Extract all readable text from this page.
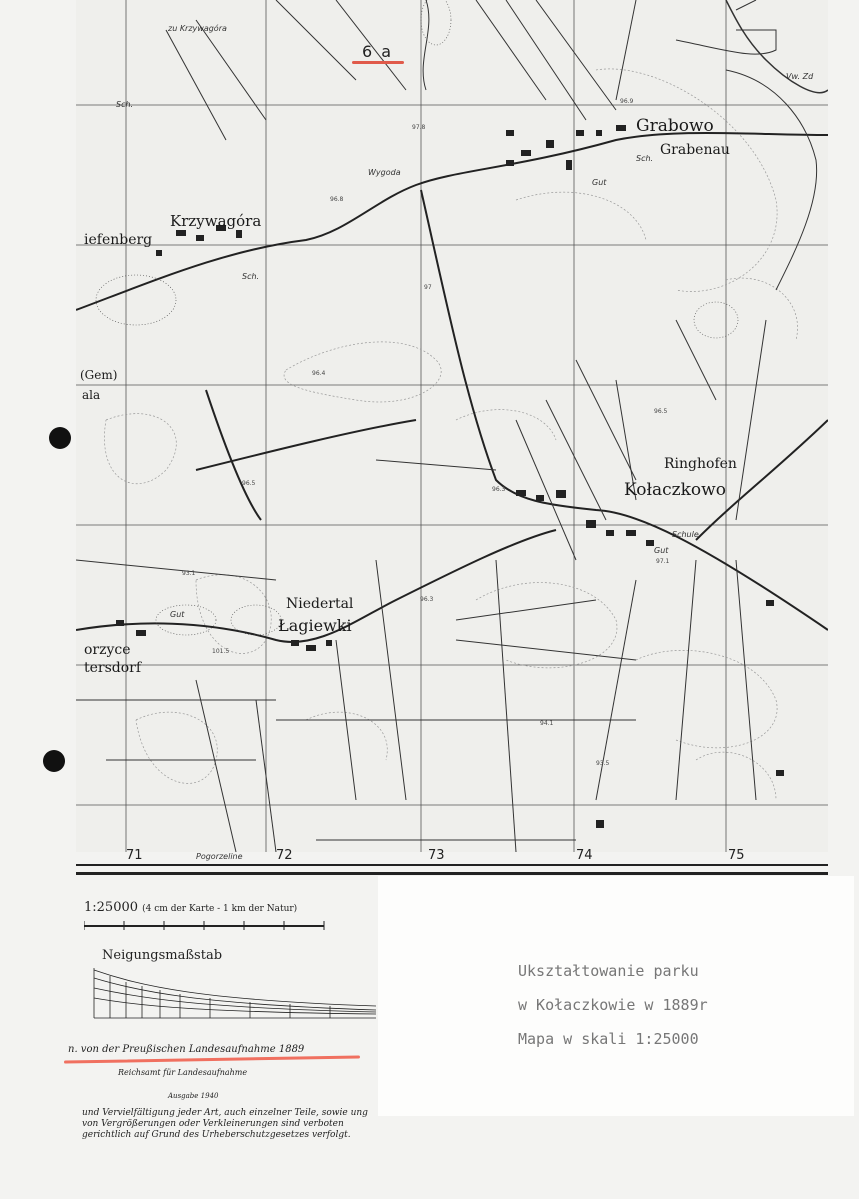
6 a
zu Krzywagóra
Vw. Zd
Grabowo
Grabenau
Sch.
Gut
Wygoda
Krzywagóra
iefenberg
Sch.
(Gem)
ala
Ringhofen
Kołaczkowo
Schule
Gut
Niedertal
Łagiewki
Gut
orzyce
tersdorf
Pogorzeline
Sch.	96.9
97.8
96.8
97
96.4
96.3
96.5
97.1
96.5
93.1
101.5
94.1
96.3
93.5
71	72	73	74	75
1:25000 (4 cm der Karte - 1 km der Natur)
Neigungsmaßstab
n. von der Preußischen Landesaufnahme 1889
Reichsamt für Landesaufnahme
Ausgabe 1940
und Vervielfältigung jeder Art, auch einzelner Teile, sowie ung von Vergrößerungen oder Verkleinerungen sind verboten gerichtlich auf Grund des Urheberschutzgesetzes verfolgt.
Ukształtowanie parku
w Kołaczkowie w 1889r
Mapa w skali 1:25000
